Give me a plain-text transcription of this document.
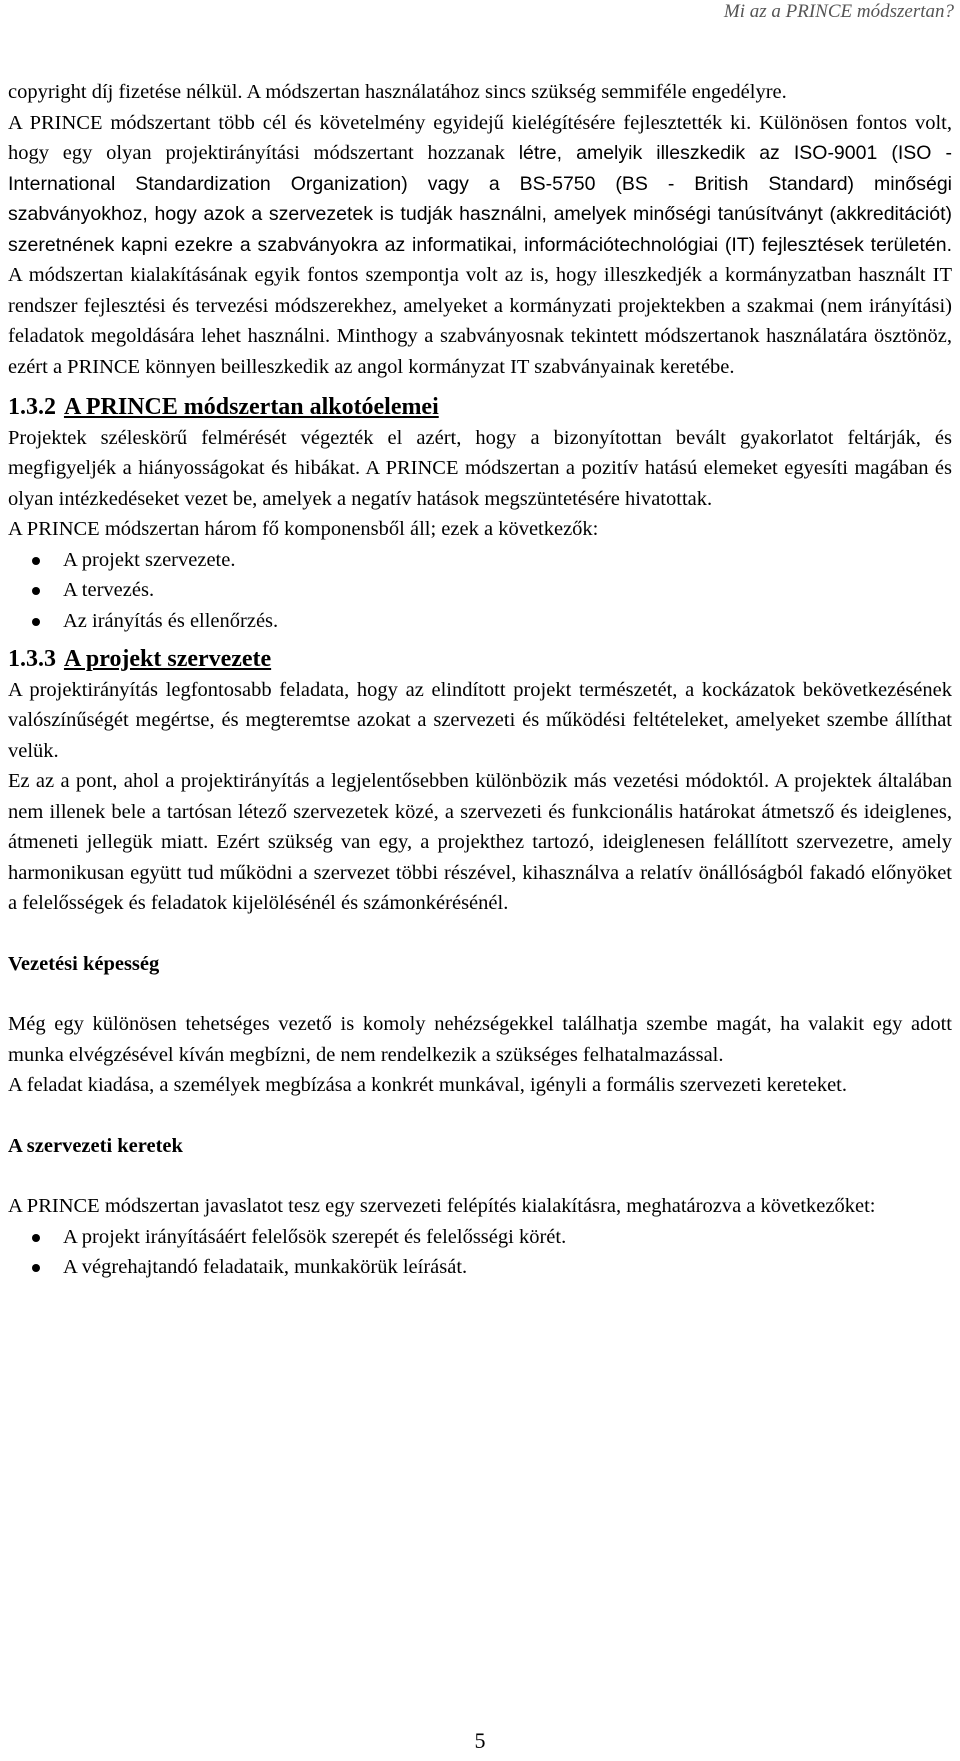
Mi az a PRINCE módszertan?

copyright díj fizetése nélkül. A módszertan használatához sincs szükség semmiféle engedélyre.

A PRINCE módszertant több cél és követelmény egyidejű kielégítésére fejlesztették ki. Különösen fontos volt, hogy egy olyan projektirányítási módszertant hozzanak létre, amelyik illeszkedik az ISO-9001 (ISO - International Standardization Organization) vagy a BS-5750 (BS - British Standard) minőségi szabványokhoz, hogy azok a szervezetek is tudják használni, amelyek minőségi tanúsítványt (akkreditációt) szeretnének kapni ezekre a szabványokra az informatikai, információtechnológiai (IT) fejlesztések területén. A módszertan kialakításának egyik fontos szempontja volt az is, hogy illeszkedjék a kormányzatban használt IT rendszer fejlesztési és tervezési módszerekhez, amelyeket a kormányzati projektekben a szakmai (nem irányítási) feladatok megoldására lehet használni. Minthogy a szabványosnak tekintett módszertanok használatára ösztönöz, ezért a PRINCE könnyen beilleszkedik az angol kormányzat IT szabványainak keretébe.

1.3.2 A PRINCE módszertan alkotóelemei

Projektek széleskörű felmérését végezték el azért, hogy a bizonyítottan bevált gyakorlatot feltárják, és megfigyeljék a hiányosságokat és hibákat. A PRINCE módszertan a pozitív hatású elemeket egyesíti magában és olyan intézkedéseket vezet be, amelyek a negatív hatások megszüntetésére hivatottak.

A PRINCE módszertan három fő komponensből áll; ezek a következők:

A projekt szervezete.
A tervezés.
Az irányítás és ellenőrzés.
1.3.3 A projekt szervezete

A projektirányítás legfontosabb feladata, hogy az elindított projekt természetét, a kockázatok bekövetkezésének valószínűségét megértse, és megteremtse azokat a szervezeti és működési feltételeket, amelyeket szembe állíthat velük.

Ez az a pont, ahol a projektirányítás a legjelentősebben különbözik más vezetési módoktól. A projektek általában nem illenek bele a tartósan létező szervezetek közé, a szervezeti és funkcionális határokat átmetsző és ideiglenes, átmeneti jellegük miatt. Ezért szükség van egy, a projekthez tartozó, ideiglenesen felállított szervezetre, amely harmonikusan együtt tud működni a szervezet többi részével, kihasználva a relatív önállóságból fakadó előnyöket a felelősségek és feladatok kijelölésénél és számonkérésénél.

Vezetési képesség

Még egy különösen tehetséges vezető is komoly nehézségekkel találhatja szembe magát, ha valakit egy adott munka elvégzésével kíván megbízni, de nem rendelkezik a szükséges felhatalmazással.

A feladat kiadása, a személyek megbízása a konkrét munkával, igényli a formális szervezeti kereteket.

A szervezeti keretek

A PRINCE módszertan javaslatot tesz egy szervezeti felépítés kialakításra, meghatározva a következőket:

A projekt irányításáért felelősök szerepét és felelősségi körét.
A végrehajtandó feladataik, munkakörük leírását.
5
